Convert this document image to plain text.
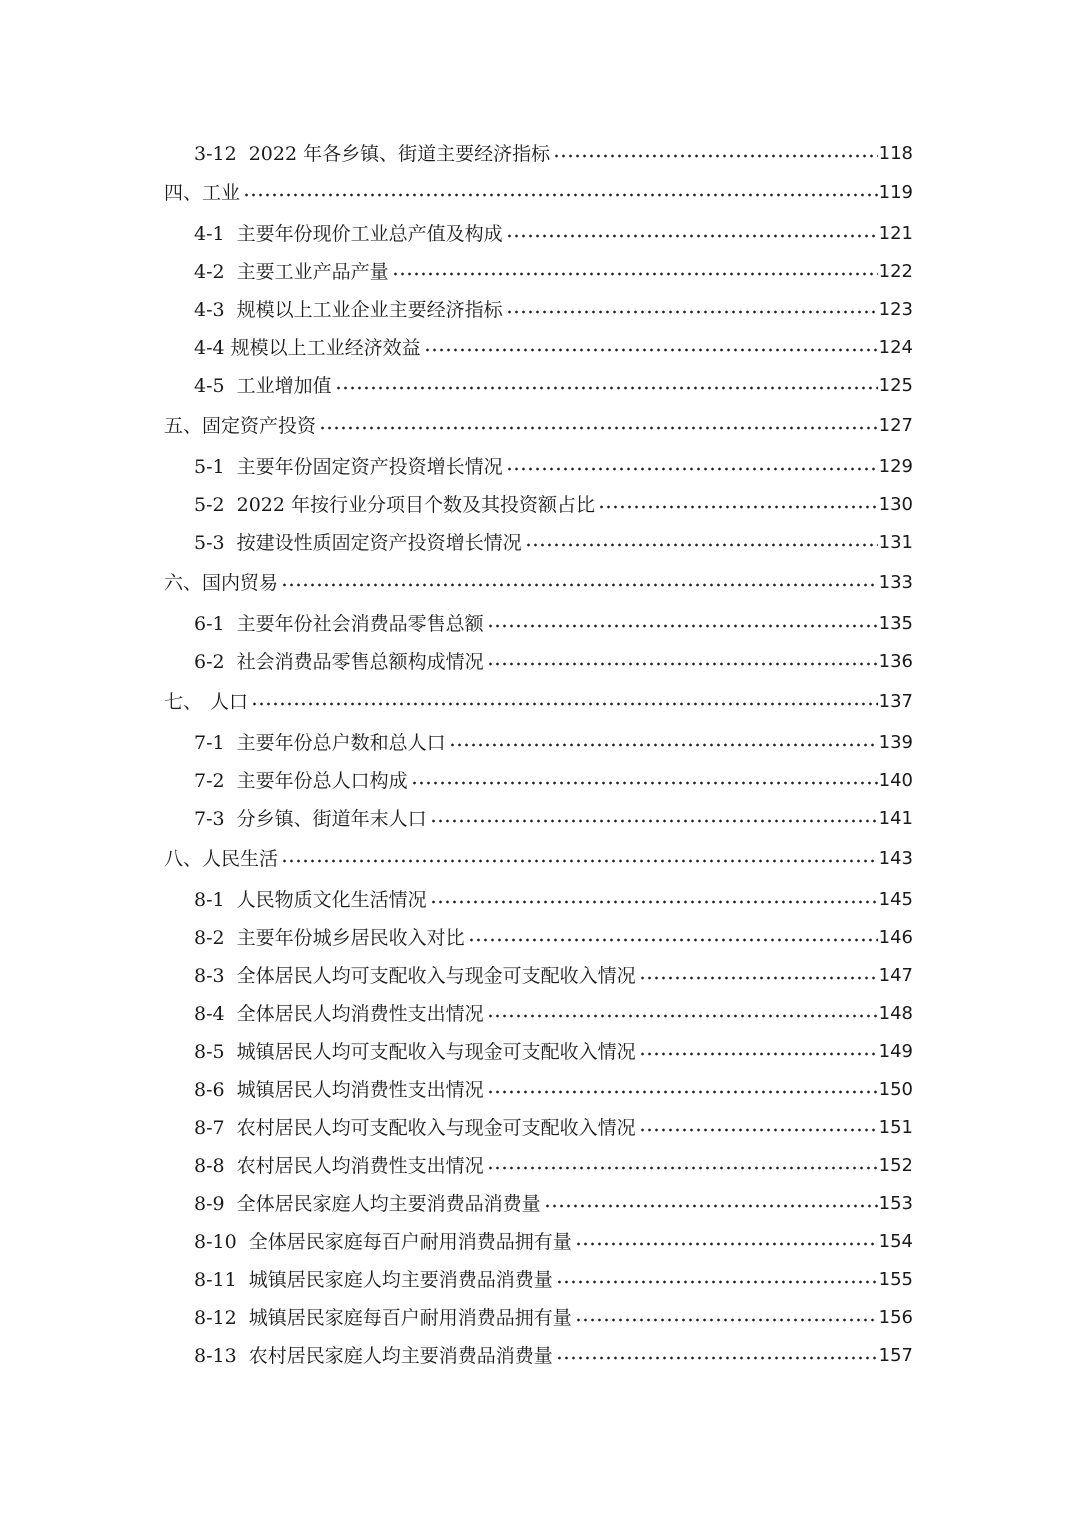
3-12 2022 年各乡镇、街道主要经济指标	118
四、 工业	119
4-1 主要年份现价工业总产值及构成	121
4-2 主要工业产品产量	122
4-3 规模以上工业企业主要经济指标	123
4-4 规模以上工业经济效益	124
4-5 工业增加值	125
五、 固定资产投资	127
5-1 主要年份固定资产投资增长情况	129
5-2 2022 年按行业分项目个数及其投资额占比	130
5-3 按建设性质固定资产投资增长情况	131
六、 国内贸易	133
6-1 主要年份社会消费品零售总额	135
6-2 社会消费品零售总额构成情况	136
七、 人口	137
7-1 主要年份总户数和总人口	139
7-2 主要年份总人口构成	140
7-3 分乡镇、街道年末人口	141
八、 人民生活	143
8-1 人民物质文化生活情况	145
8-2 主要年份城乡居民收入对比	146
8-3 全体居民人均可支配收入与现金可支配收入情况	147
8-4 全体居民人均消费性支出情况	148
8-5 城镇居民人均可支配收入与现金可支配收入情况	149
8-6 城镇居民人均消费性支出情况	150
8-7 农村居民人均可支配收入与现金可支配收入情况	151
8-8 农村居民人均消费性支出情况	152
8-9 全体居民家庭人均主要消费品消费量	153
8-10 全体居民家庭每百户耐用消费品拥有量	154
8-11 城镇居民家庭人均主要消费品消费量	155
8-12 城镇居民家庭每百户耐用消费品拥有量	156
8-13 农村居民家庭人均主要消费品消费量	157
